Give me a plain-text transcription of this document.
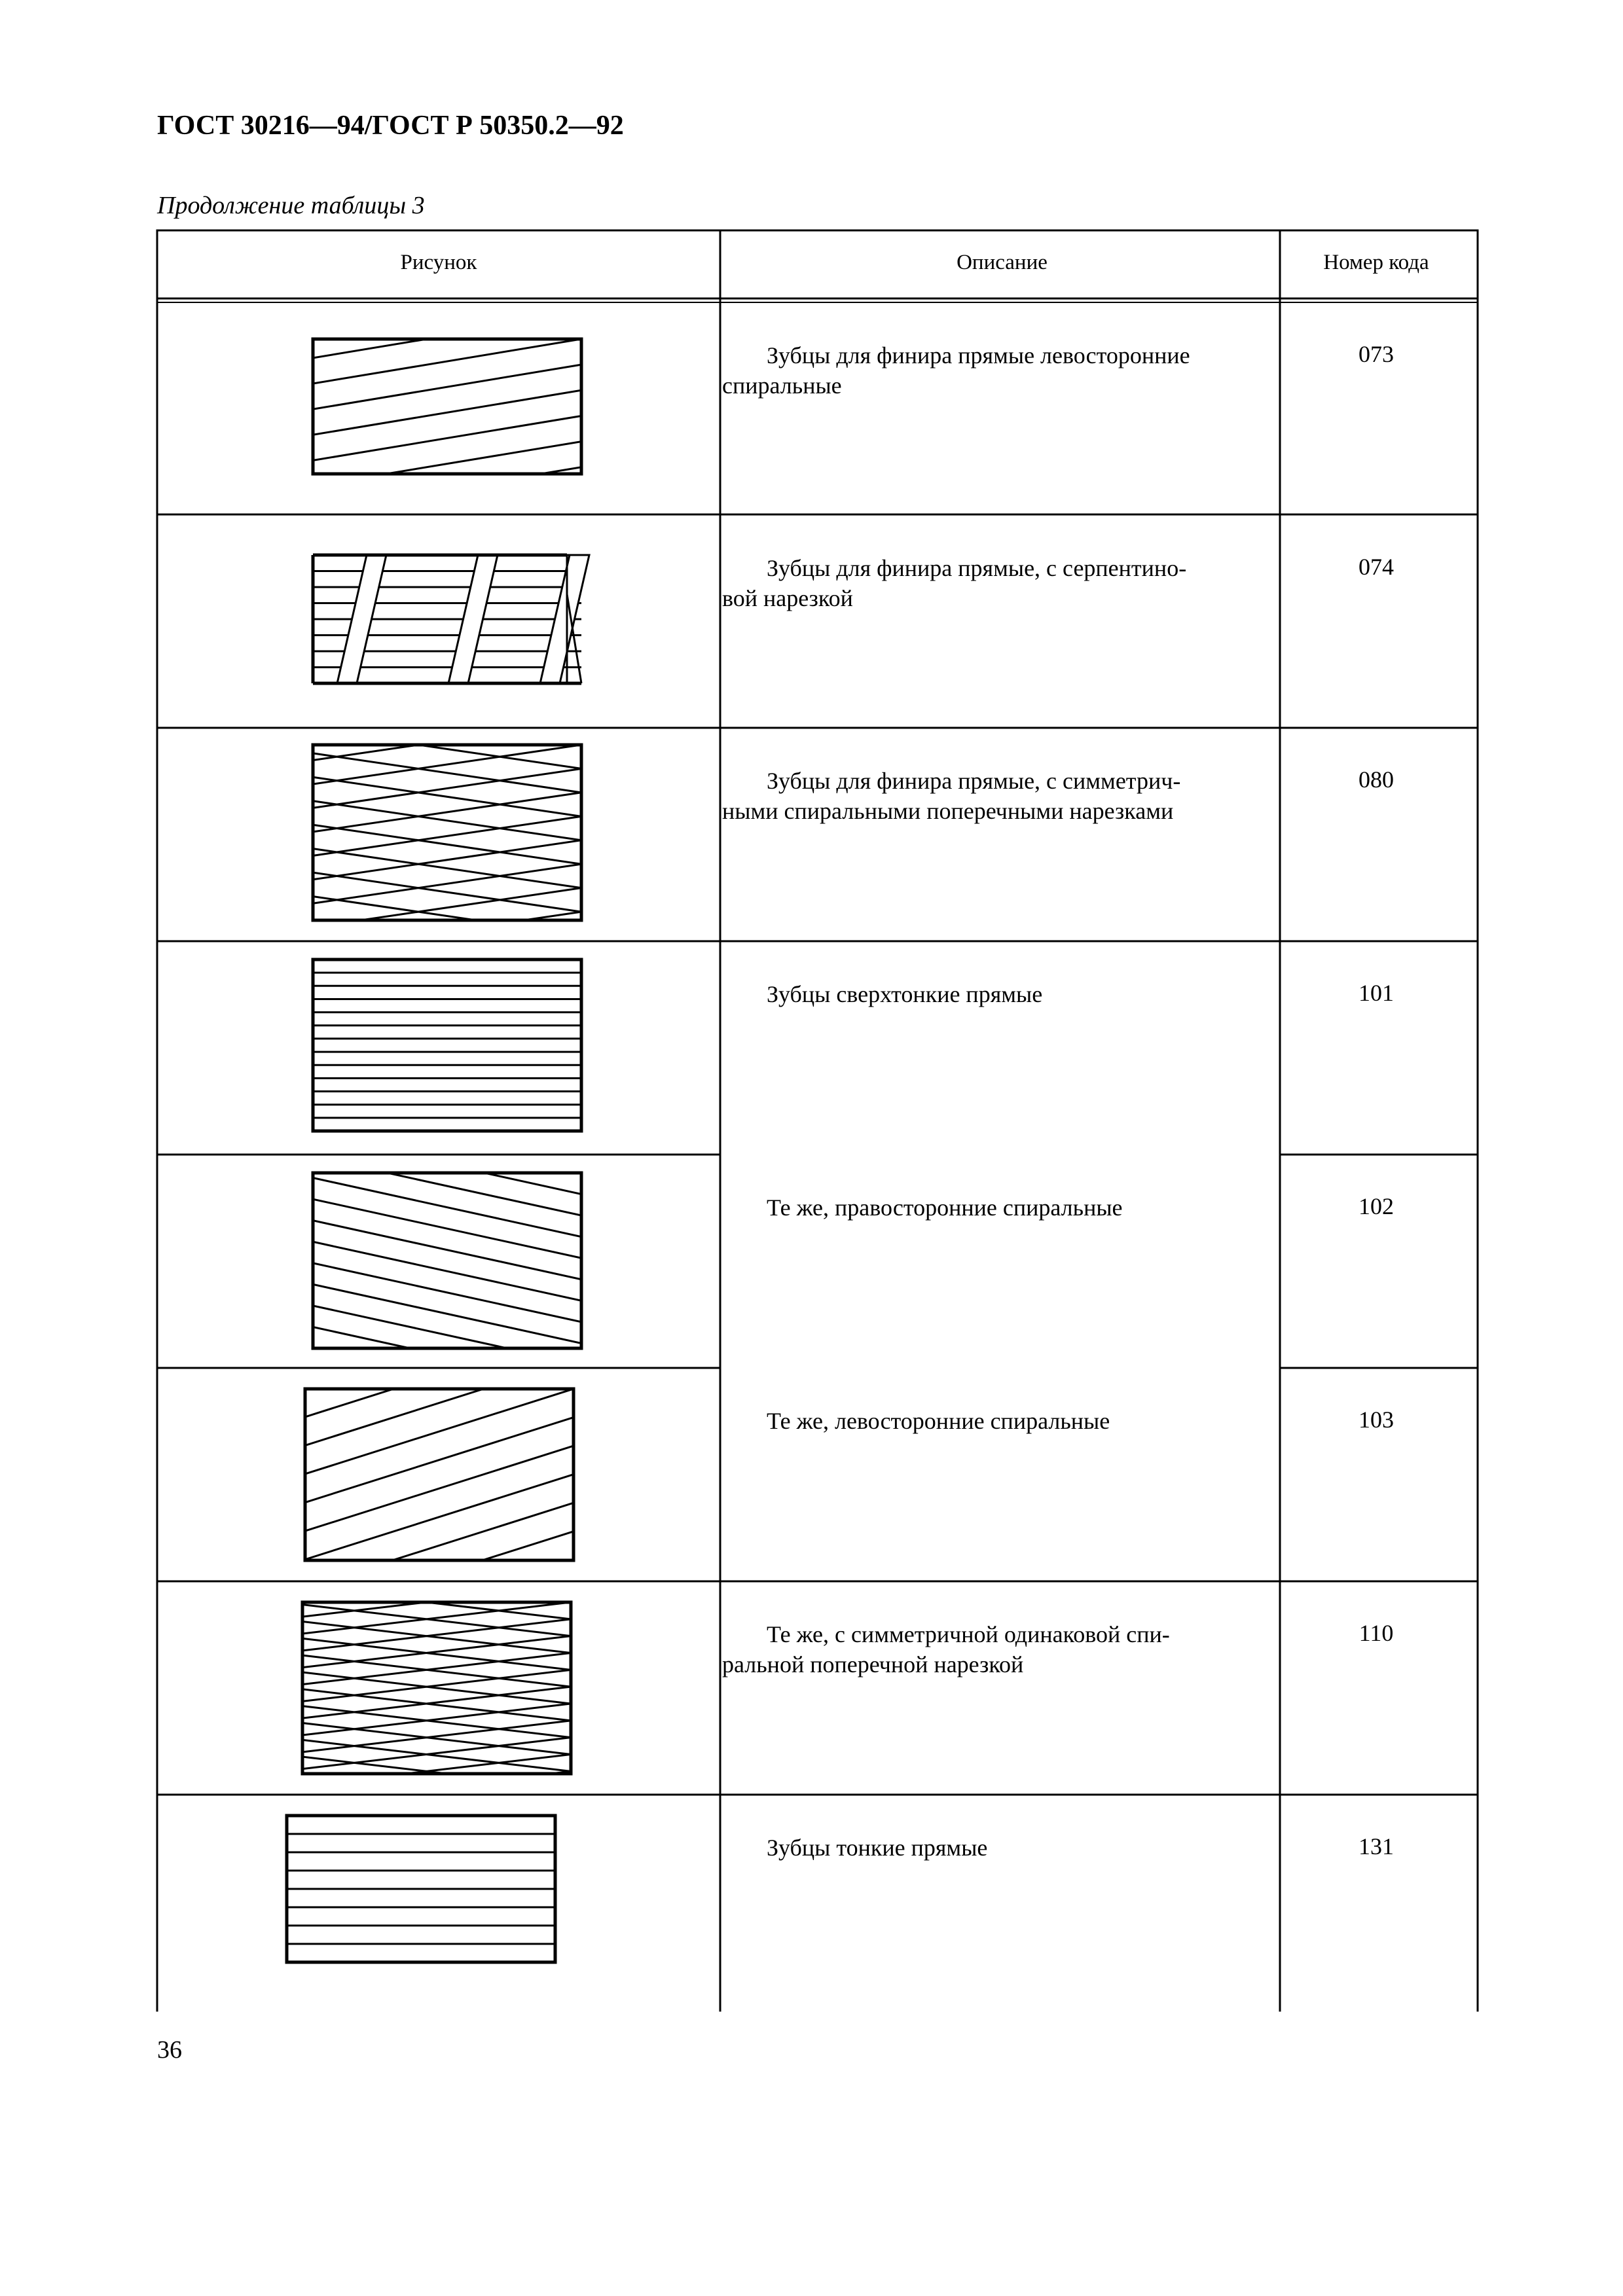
ГОСТ 30216—94/ГОСТ Р 50350.2—92

Продолжение таблицы 3

Рисунок	Описание	Номер кода

Зубцы для финира прямые левосторонние
спиральные

Зубцы для финира прямые, с серпентино-
вой нарезкой

Зубцы для финира прямые, с симметрич-
ными спиральными поперечными нарезками

Зубцы сверхтонкие прямые

Те же, правосторонние спиральные

Те же, левосторонние спиральные

Те же, с симметричной одинаковой спи-
ральной поперечной нарезкой

Зубцы тонкие прямые

073

074

080

101

102

103

110

131

36
